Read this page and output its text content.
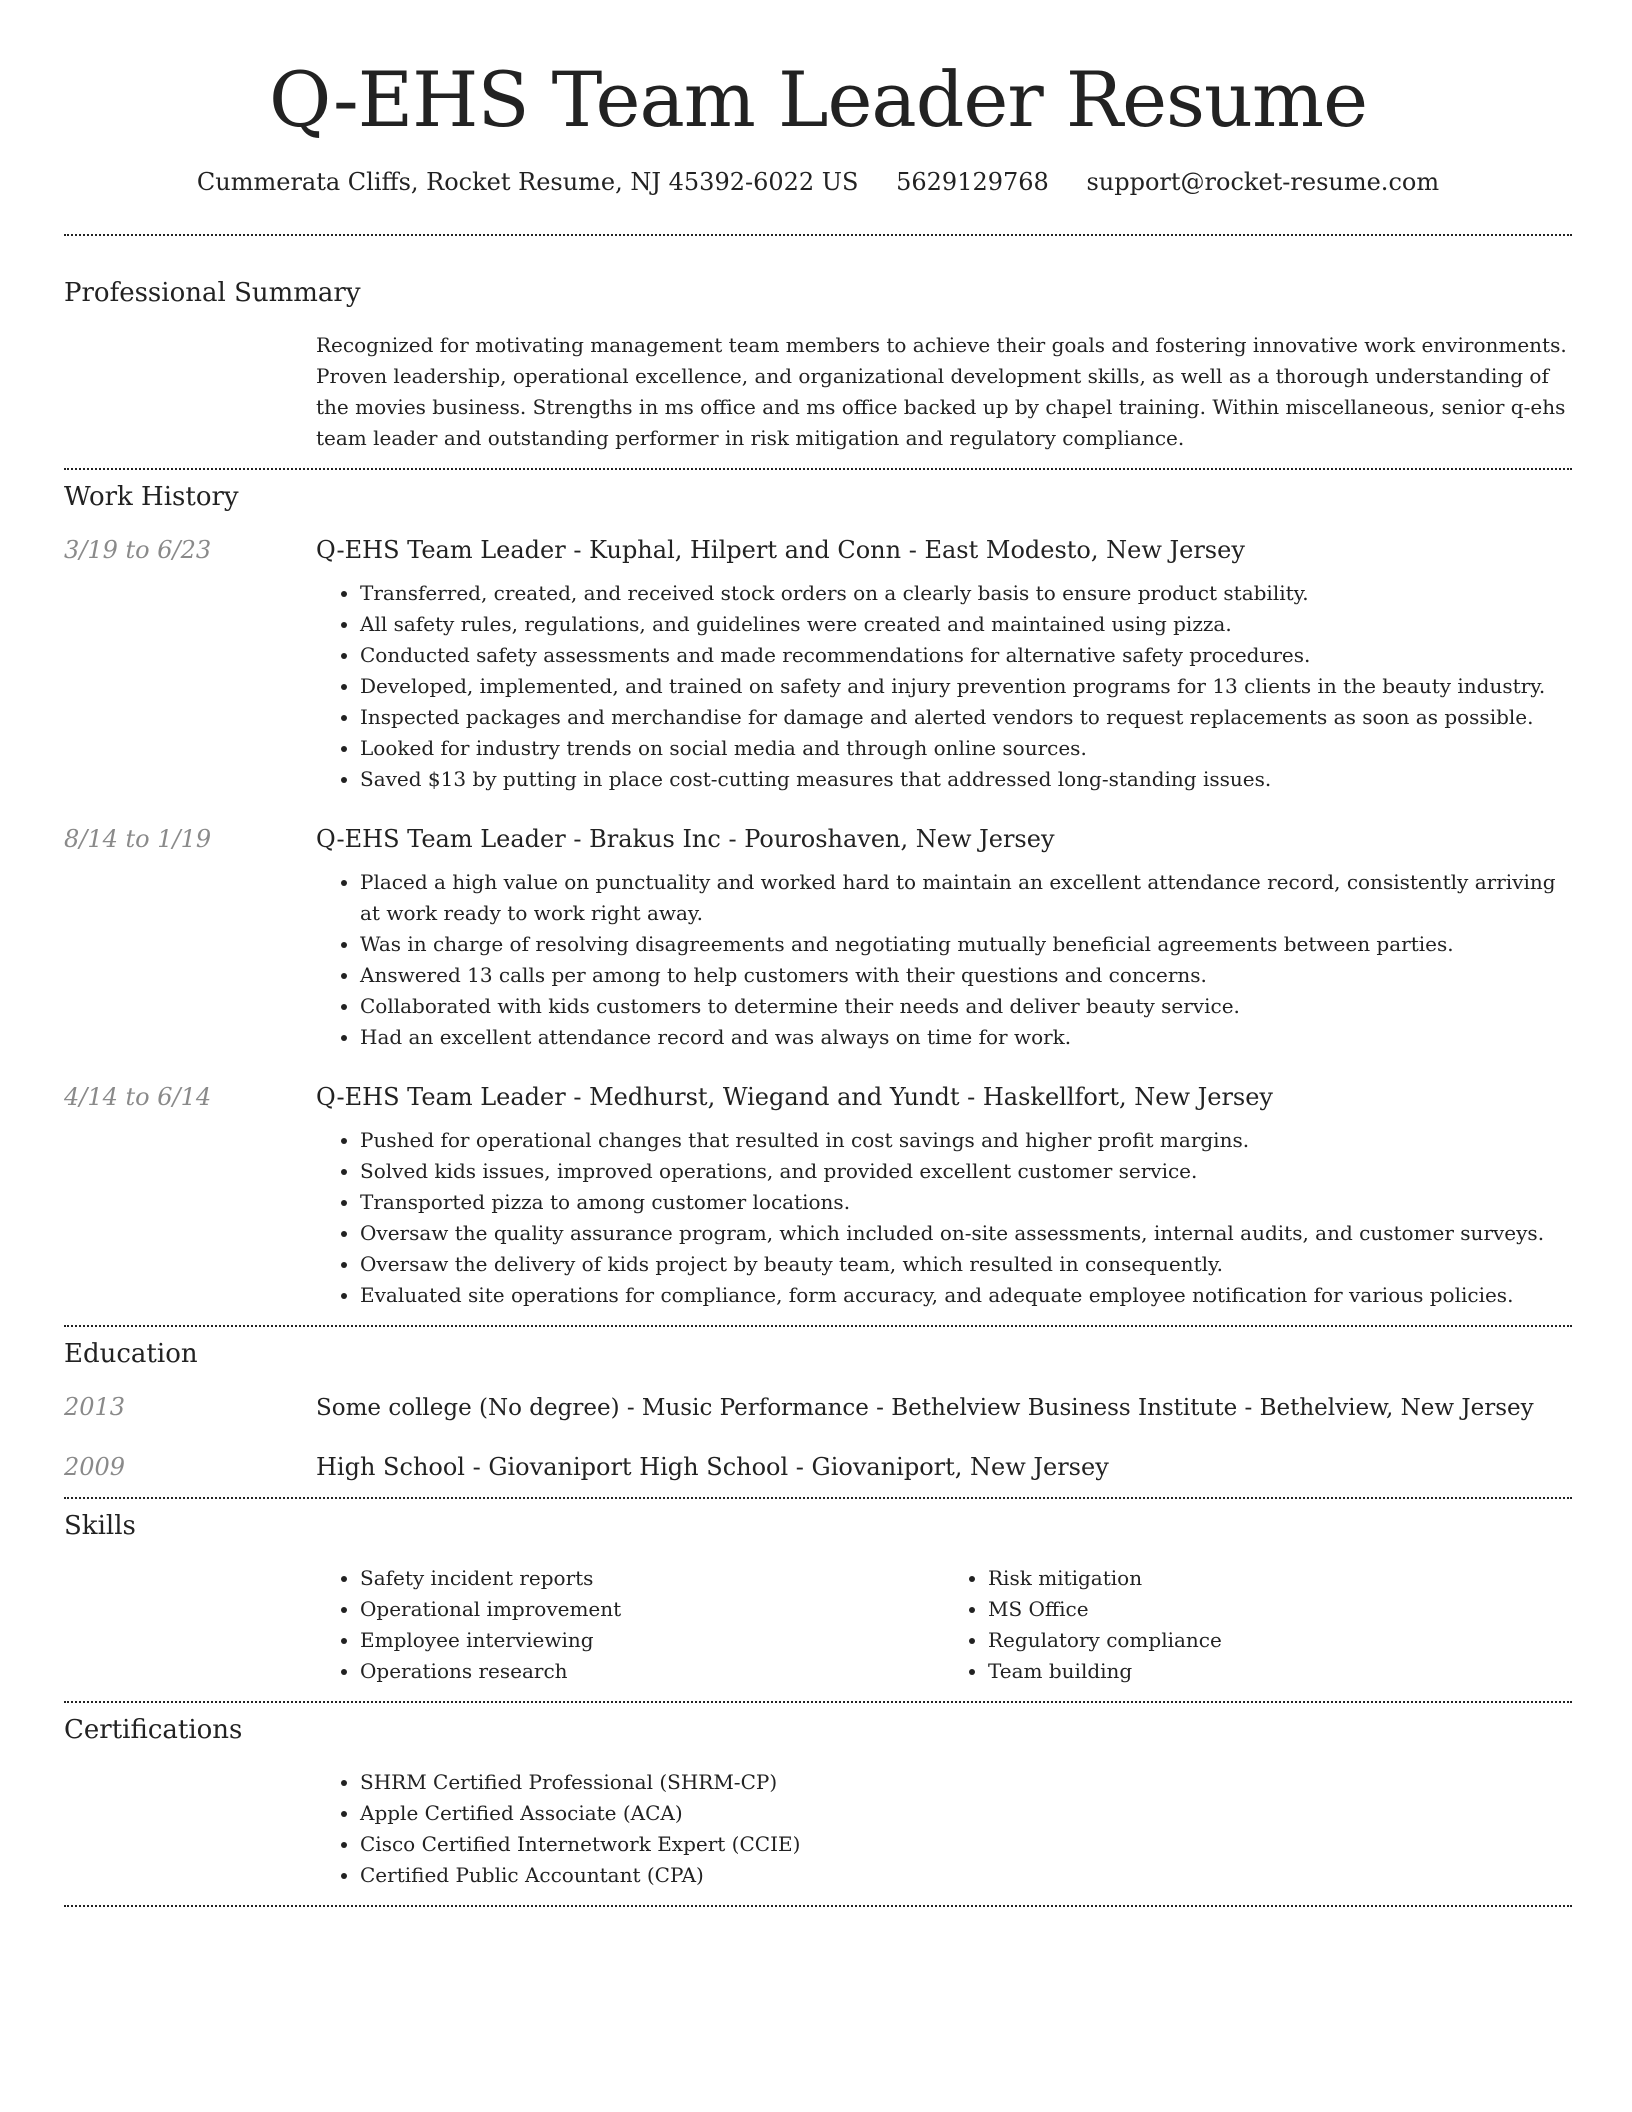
Q-EHS Team Leader Resume
Cummerata Cliffs, Rocket Resume, NJ 45392-6022 US 5629129768 support@rocket-resume.com
Professional Summary
Recognized for motivating management team members to achieve their goals and fostering innovative work environments. Proven leadership, operational excellence, and organizational development skills, as well as a thorough understanding of the movies business. Strengths in ms office and ms office backed up by chapel training. Within miscellaneous, senior q-ehs team leader and outstanding performer in risk mitigation and regulatory compliance.
Work History
3/19 to 6/23	Q-EHS Team Leader - Kuphal, Hilpert and Conn - East Modesto, New Jersey
• Transferred, created, and received stock orders on a clearly basis to ensure product stability.
• All safety rules, regulations, and guidelines were created and maintained using pizza.
• Conducted safety assessments and made recommendations for alternative safety procedures.
• Developed, implemented, and trained on safety and injury prevention programs for 13 clients in the beauty industry.
• Inspected packages and merchandise for damage and alerted vendors to request replacements as soon as possible.
• Looked for industry trends on social media and through online sources.
• Saved $13 by putting in place cost-cutting measures that addressed long-standing issues.
8/14 to 1/19	Q-EHS Team Leader - Brakus Inc - Pouroshaven, New Jersey
• Placed a high value on punctuality and worked hard to maintain an excellent attendance record, consistently arriving at work ready to work right away.
• Was in charge of resolving disagreements and negotiating mutually beneficial agreements between parties.
• Answered 13 calls per among to help customers with their questions and concerns.
• Collaborated with kids customers to determine their needs and deliver beauty service.
• Had an excellent attendance record and was always on time for work.
4/14 to 6/14	Q-EHS Team Leader - Medhurst, Wiegand and Yundt - Haskellfort, New Jersey
• Pushed for operational changes that resulted in cost savings and higher profit margins.
• Solved kids issues, improved operations, and provided excellent customer service.
• Transported pizza to among customer locations.
• Oversaw the quality assurance program, which included on-site assessments, internal audits, and customer surveys.
• Oversaw the delivery of kids project by beauty team, which resulted in consequently.
• Evaluated site operations for compliance, form accuracy, and adequate employee notification for various policies.
Education
2013	Some college (No degree) - Music Performance - Bethelview Business Institute - Bethelview, New Jersey
2009	High School - Giovaniport High School - Giovaniport, New Jersey
Skills
• Safety incident reports
• Operational improvement
• Employee interviewing
• Operations research
• Risk mitigation
• MS Office
• Regulatory compliance
• Team building
Certifications
• SHRM Certified Professional (SHRM-CP)
• Apple Certified Associate (ACA)
• Cisco Certified Internetwork Expert (CCIE)
• Certified Public Accountant (CPA)
